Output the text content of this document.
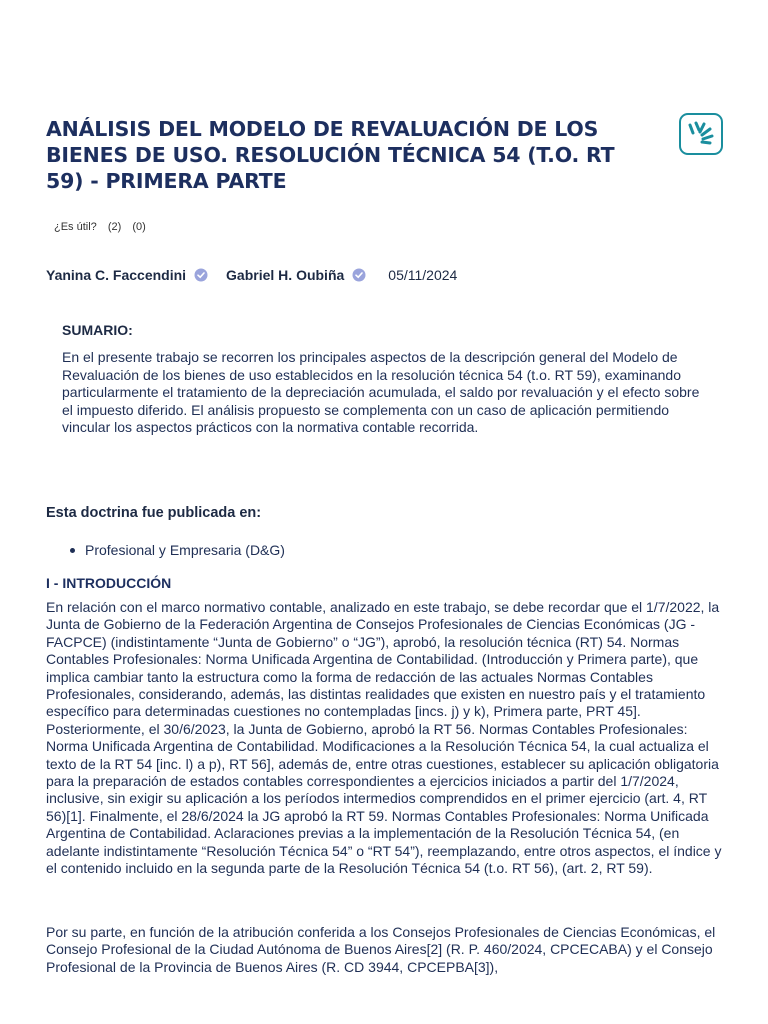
ANÁLISIS DEL MODELO DE REVALUACIÓN DE LOS BIENES DE USO. RESOLUCIÓN TÉCNICA 54 (T.O. RT 59) - PRIMERA PARTE
¿Es útil? (2) (0)
Yanina C. Faccendini	Gabriel H. Oubiña	05/11/2024
SUMARIO:

En el presente trabajo se recorren los principales aspectos de la descripción general del Modelo de Revaluación de los bienes de uso establecidos en la resolución técnica 54 (t.o. RT 59), examinando particularmente el tratamiento de la depreciación acumulada, el saldo por revaluación y el efecto sobre el impuesto diferido. El análisis propuesto se complementa con un caso de aplicación permitiendo vincular los aspectos prácticos con la normativa contable recorrida.

Esta doctrina fue publicada en:
Profesional y Empresaria (D&G)
I - INTRODUCCIÓN

En relación con el marco normativo contable, analizado en este trabajo, se debe recordar que el 1/7/2022, la Junta de Gobierno de la Federación Argentina de Consejos Profesionales de Ciencias Económicas (JG - FACPCE) (indistintamente “Junta de Gobierno” o “JG”), aprobó, la resolución técnica (RT) 54. Normas Contables Profesionales: Norma Unificada Argentina de Contabilidad. (Introducción y Primera parte), que implica cambiar tanto la estructura como la forma de redacción de las actuales Normas Contables Profesionales, considerando, además, las distintas realidades que existen en nuestro país y el tratamiento específico para determinadas cuestiones no contempladas [incs. j) y k), Primera parte, PRT 45]. Posteriormente, el 30/6/2023, la Junta de Gobierno, aprobó la RT 56. Normas Contables Profesionales: Norma Unificada Argentina de Contabilidad. Modificaciones a la Resolución Técnica 54, la cual actualiza el texto de la RT 54 [inc. l) a p), RT 56], además de, entre otras cuestiones, establecer su aplicación obligatoria para la preparación de estados contables correspondientes a ejercicios iniciados a partir del 1/7/2024, inclusive, sin exigir su aplicación a los períodos intermedios comprendidos en el primer ejercicio (art. 4, RT 56)[1]. Finalmente, el 28/6/2024 la JG aprobó la RT 59. Normas Contables Profesionales: Norma Unificada Argentina de Contabilidad. Aclaraciones previas a la implementación de la Resolución Técnica 54, (en adelante indistintamente “Resolución Técnica 54” o “RT 54”), reemplazando, entre otros aspectos, el índice y el contenido incluido en la segunda parte de la Resolución Técnica 54 (t.o. RT 56), (art. 2, RT 59).

Por su parte, en función de la atribución conferida a los Consejos Profesionales de Ciencias Económicas, el Consejo Profesional de la Ciudad Autónoma de Buenos Aires[2] (R. P. 460/2024, CPCECABA) y el Consejo Profesional de la Provincia de Buenos Aires (R. CD 3944, CPCEPBA[3]),
